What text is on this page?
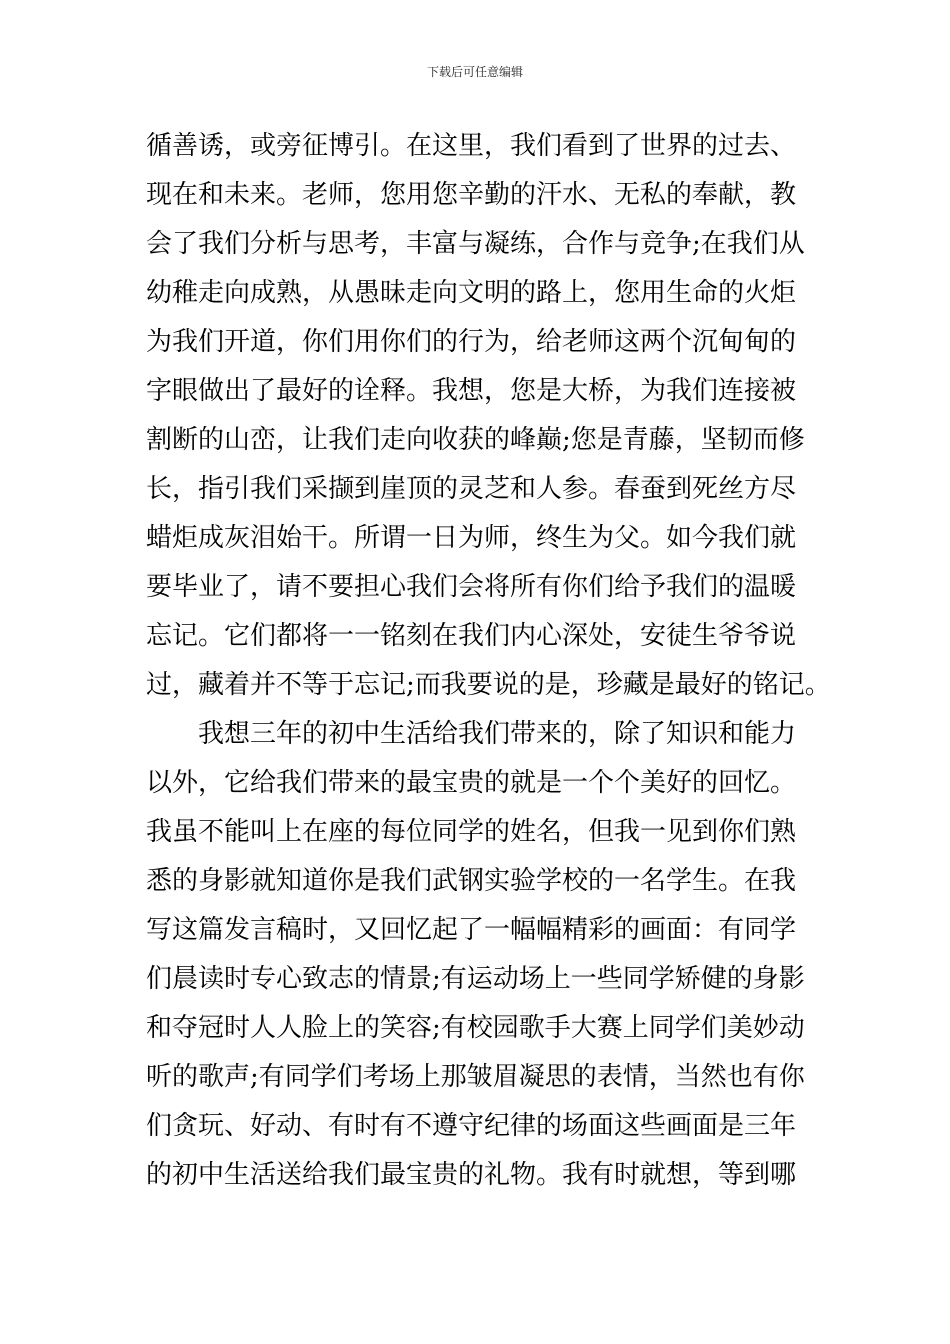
下载后可任意编辑
循善诱，或旁征博引。在这里，我们看到了世界的过去、
现在和未来。老师，您用您辛勤的汗水、无私的奉献，教
会了我们分析与思考，丰富与凝练，合作与竞争;在我们从
幼稚走向成熟，从愚昧走向文明的路上，您用生命的火炬
为我们开道，你们用你们的行为，给老师这两个沉甸甸的
字眼做出了最好的诠释。我想，您是大桥，为我们连接被
割断的山峦，让我们走向收获的峰巅;您是青藤，坚韧而修
长，指引我们采撷到崖顶的灵芝和人参。春蚕到死丝方尽
蜡炬成灰泪始干。所谓一日为师，终生为父。如今我们就
要毕业了，请不要担心我们会将所有你们给予我们的温暖
忘记。它们都将一一铭刻在我们内心深处，安徒生爷爷说
过，藏着并不等于忘记;而我要说的是，珍藏是最好的铭记。
我想三年的初中生活给我们带来的，除了知识和能力
以外，它给我们带来的最宝贵的就是一个个美好的回忆。
我虽不能叫上在座的每位同学的姓名，但我一见到你们熟
悉的身影就知道你是我们武钢实验学校的一名学生。在我
写这篇发言稿时，又回忆起了一幅幅精彩的画面：有同学
们晨读时专心致志的情景;有运动场上一些同学矫健的身影
和夺冠时人人脸上的笑容;有校园歌手大赛上同学们美妙动
听的歌声;有同学们考场上那皱眉凝思的表情，当然也有你
们贪玩、好动、有时有不遵守纪律的场面这些画面是三年
的初中生活送给我们最宝贵的礼物。我有时就想，等到哪
